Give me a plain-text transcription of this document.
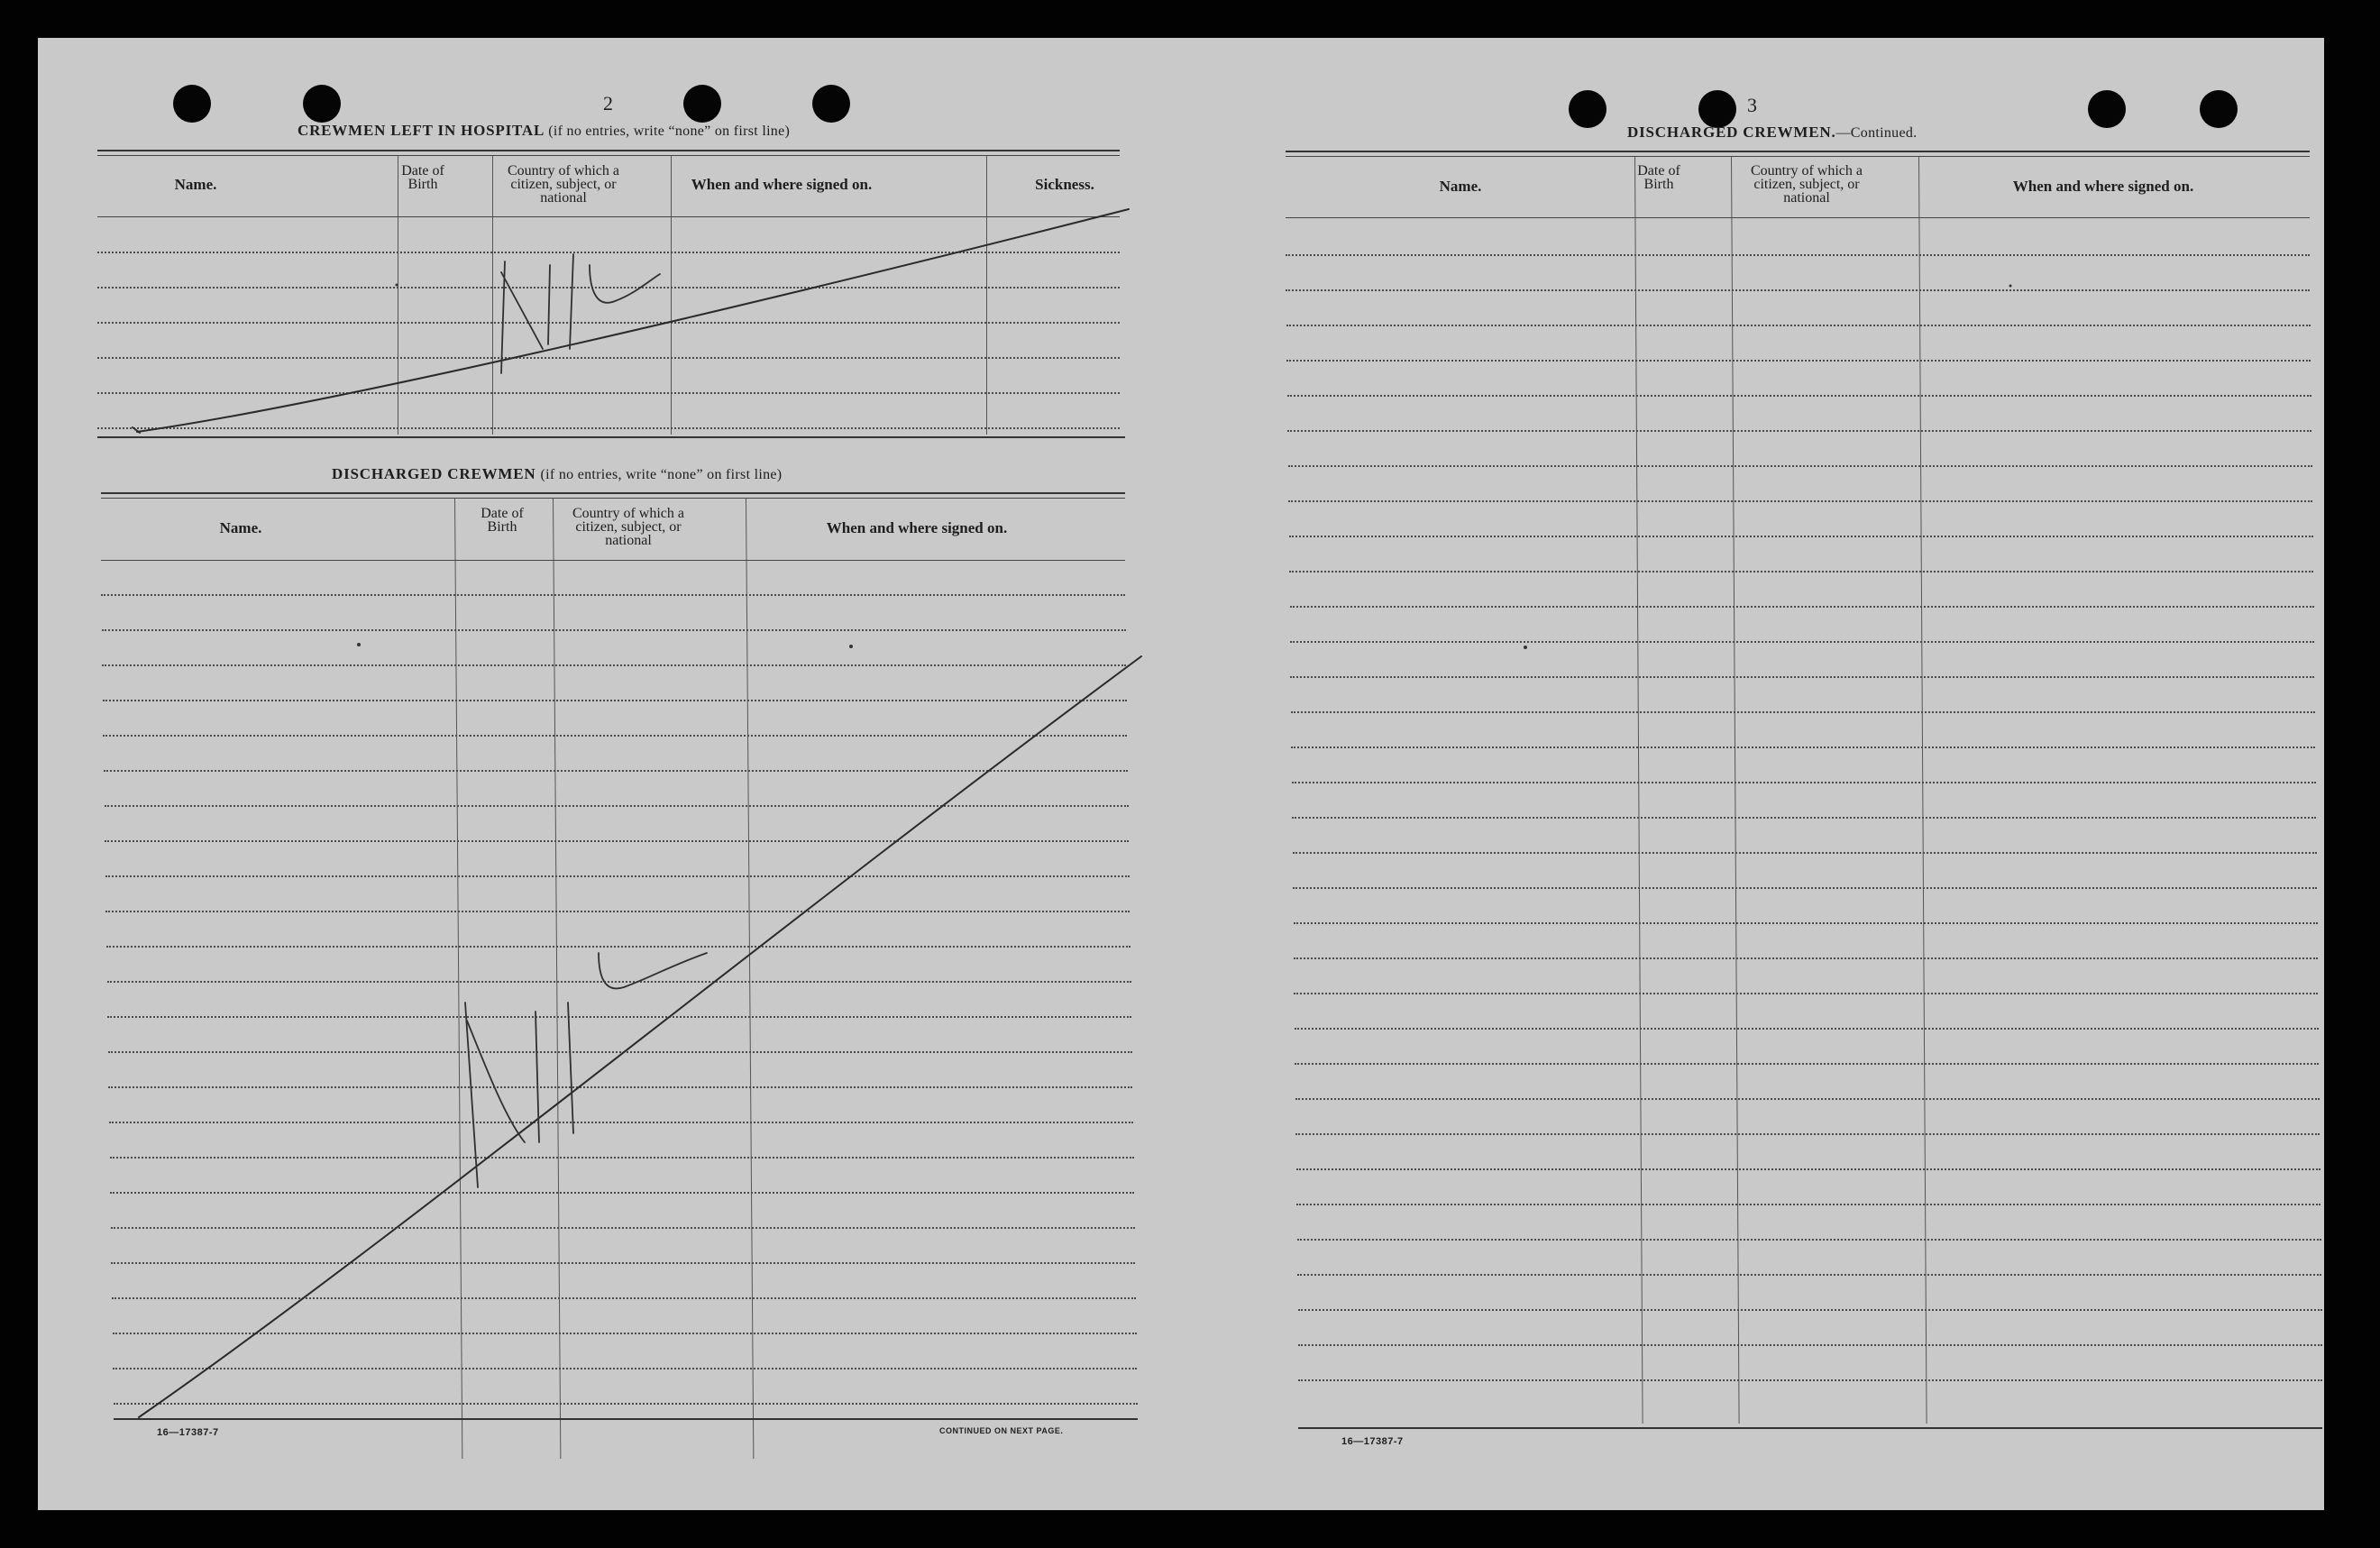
2
CREWMEN LEFT IN HOSPITAL (if no entries, write “none” on first line)
Name.
Date of Birth
Country of which a citizen, subject, or national
When and where signed on.	Sickness.
DISCHARGED CREWMEN (if no entries, write “none” on first line)
Name.
Date of Birth
Country of which a citizen, subject, or national
When and where signed on.
16—17387-7	CONTINUED ON NEXT PAGE.
3
DISCHARGED CREWMEN.—Continued.
Name.
Date of Birth
Country of which a citizen, subject, or national
When and where signed on.
16—17387-7
